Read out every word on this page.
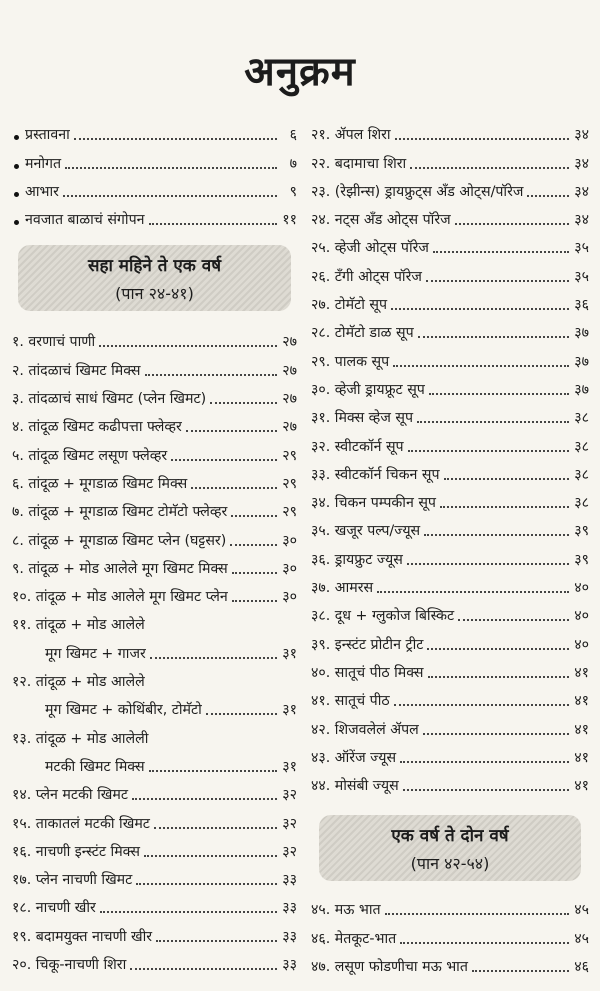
अनुक्रम
प्रस्तावना	६
मनोगत	७
आभार	९
नवजात बाळाचं संगोपन	११
सहा महिने ते एक वर्ष
(पान २४-४१)
१. वरणाचं पाणी	२७
२. तांदळाचं खिमट मिक्स	२७
३. तांदळाचं साधं खिमट (प्लेन खिमट)	२७
४. तांदूळ खिमट कढीपत्ता फ्लेव्हर	२७
५. तांदूळ खिमट लसूण फ्लेव्हर	२९
६. तांदूळ + मूगडाळ खिमट मिक्स	२९
७. तांदूळ + मूगडाळ खिमट टोमॅटो फ्लेव्हर	२९
८. तांदूळ + मूगडाळ खिमट प्लेन (घट्टसर)	३०
९. तांदूळ + मोड आलेले मूग खिमट मिक्स	३०
१०. तांदूळ + मोड आलेले मूग खिमट प्लेन	३०
११. तांदूळ + मोड आलेले
मूग खिमट + गाजर	३१
१२. तांदूळ + मोड आलेले
मूग खिमट + कोथिंबीर, टोमॅटो	३१
१३. तांदूळ + मोड आलेली
मटकी खिमट मिक्स	३१
१४. प्लेन मटकी खिमट	३२
१५. ताकातलं मटकी खिमट	३२
१६. नाचणी इन्स्टंट मिक्स	३२
१७. प्लेन नाचणी खिमट	३३
१८. नाचणी खीर	३३
१९. बदामयुक्त नाचणी खीर	३३
२०. चिकू-नाचणी शिरा	३३
२१. ॲपल शिरा	३४
२२. बदामाचा शिरा	३४
२३. (रेझीन्स) ड्रायफ्रुट्स अँड ओट्स/पॉरेज	३४
२४. नट्स अँड ओट्स पॉरेज	३४
२५. व्हेजी ओट्स पॉरेज	३५
२६. टँगी ओट्स पॉरेज	३५
२७. टोमॅटो सूप	३६
२८. टोमॅटो डाळ सूप	३७
२९. पालक सूप	३७
३०. व्हेजी ड्रायफ्रूट सूप	३७
३१. मिक्स व्हेज सूप	३८
३२. स्वीटकॉर्न सूप	३८
३३. स्वीटकॉर्न चिकन सूप	३८
३४. चिकन पम्पकीन सूप	३८
३५. खजूर पल्प/ज्यूस	३९
३६. ड्रायफ्रुट ज्यूस	३९
३७. आमरस	४०
३८. दूध + ग्लुकोज बिस्किट	४०
३९. इन्स्टंट प्रोटीन ट्रीट	४०
४०. सातूचं पीठ मिक्स	४१
४१. सातूचं पीठ	४१
४२. शिजवलेलं ॲपल	४१
४३. ऑरेंज ज्यूस	४१
४४. मोसंबी ज्यूस	४१
एक वर्ष ते दोन वर्ष
(पान ४२-५४)
४५. मऊ भात	४५
४६. मेतकूट-भात	४५
४७. लसूण फोडणीचा मऊ भात	४६
